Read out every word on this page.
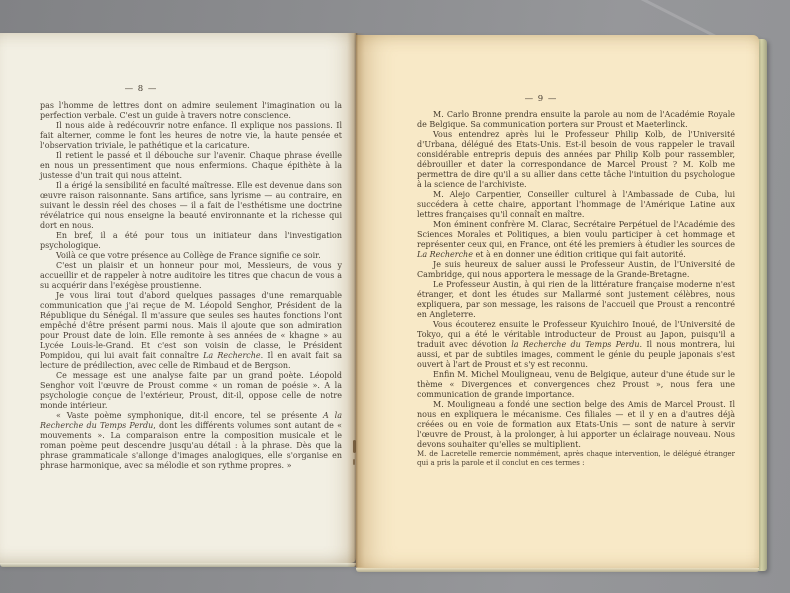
— 8 —

pas l'homme de lettres dont on admire seulement l'imagination ou la perfection verbale. C'est un guide à travers notre conscience.

Il nous aide à redécouvrir notre enfance. Il explique nos passions. Il fait alterner, comme le font les heures de notre vie, la haute pensée et l'observation triviale, le pathétique et la caricature.

Il retient le passé et il débouche sur l'avenir. Chaque phrase éveille en nous un pressentiment que nous enfermions. Chaque épithète à la justesse d'un trait qui nous atteint.

Il a érigé la sensibilité en faculté maîtresse. Elle est devenue dans son œuvre raison raisonnante. Sans artifice, sans lyrisme — au contraire, en suivant le dessin réel des choses — il a fait de l'esthétisme une doctrine révélatrice qui nous enseigne la beauté environnante et la richesse qui dort en nous.

En bref, il a été pour tous un initiateur dans l'investigation psychologique.

Voilà ce que votre présence au Collège de France signifie ce soir.

C'est un plaisir et un honneur pour moi, Messieurs, de vous y accueillir et de rappeler à notre auditoire les titres que chacun de vous a su acquérir dans l'exégèse proustienne.

Je vous lirai tout d'abord quelques passages d'une remarquable communication que j'ai reçue de M. Léopold Senghor, Président de la République du Sénégal. Il m'assure que seules ses hautes fonctions l'ont empêché d'être présent parmi nous. Mais il ajoute que son admiration pour Proust date de loin. Elle remonte à ses années de « khagne » au Lycée Louis-le-Grand. Et c'est son voisin de classe, le Président Pompidou, qui lui avait fait connaître La Recherche. Il en avait fait sa lecture de prédilection, avec celle de Rimbaud et de Bergson.

Ce message est une analyse faite par un grand poète. Léopold Senghor voit l'œuvre de Proust comme « un roman de poésie ». A la psychologie conçue de l'extérieur, Proust, dit-il, oppose celle de notre monde intérieur.

« Vaste poème symphonique, dit-il encore, tel se présente A la Recherche du Temps Perdu, dont les différents volumes sont autant de « mouvements ». La comparaison entre la composition musicale et le roman poème peut descendre jusqu'au détail : à la phrase. Dès que la phrase grammaticale s'allonge d'images analogiques, elle s'organise en phrase harmonique, avec sa mélodie et son rythme propres. »

— 9 —

M. Carlo Bronne prendra ensuite la parole au nom de l'Académie Royale de Belgique. Sa communication portera sur Proust et Maeterlinck.

Vous entendrez après lui le Professeur Philip Kolb, de l'Université d'Urbana, délégué des Etats-Unis. Est-il besoin de vous rappeler le travail considérable entrepris depuis des années par Philip Kolb pour rassembler, débrouiller et dater la correspondance de Marcel Proust ? M. Kolb me permettra de dire qu'il a su allier dans cette tâche l'intuition du psychologue à la science de l'archiviste.

M. Alejo Carpentier, Conseiller culturel à l'Ambassade de Cuba, lui succédera à cette chaire, apportant l'hommage de l'Amérique Latine aux lettres françaises qu'il connaît en maître.

Mon éminent confrère M. Clarac, Secrétaire Perpétuel de l'Académie des Sciences Morales et Politiques, a bien voulu participer à cet hommage et représenter ceux qui, en France, ont été les premiers à étudier les sources de La Recherche et à en donner une édition critique qui fait autorité.

Je suis heureux de saluer aussi le Professeur Austin, de l'Université de Cambridge, qui nous apportera le message de la Grande-Bretagne.

Le Professeur Austin, à qui rien de la littérature française moderne n'est étranger, et dont les études sur Mallarmé sont justement célèbres, nous expliquera, par son message, les raisons de l'accueil que Proust a rencontré en Angleterre.

Vous écouterez ensuite le Professeur Kyuichiro Inoué, de l'Université de Tokyo, qui a été le véritable introducteur de Proust au Japon, puisqu'il a traduit avec dévotion la Recherche du Temps Perdu. Il nous montrera, lui aussi, et par de subtiles images, comment le génie du peuple japonais s'est ouvert à l'art de Proust et s'y est reconnu.

Enfin M. Michel Mouligneau, venu de Belgique, auteur d'une étude sur le thème « Divergences et convergences chez Proust », nous fera une communication de grande importance.

M. Mouligneau a fondé une section belge des Amis de Marcel Proust. Il nous en expliquera le mécanisme. Ces filiales — et il y en a d'autres déjà créées ou en voie de formation aux Etats-Unis — sont de nature à servir l'œuvre de Proust, à la prolonger, à lui apporter un éclairage nouveau. Nous devons souhaiter qu'elles se multiplient.

M. de Lacretelle remercie nommément, après chaque intervention, le délégué étranger qui a pris la parole et il conclut en ces termes :
